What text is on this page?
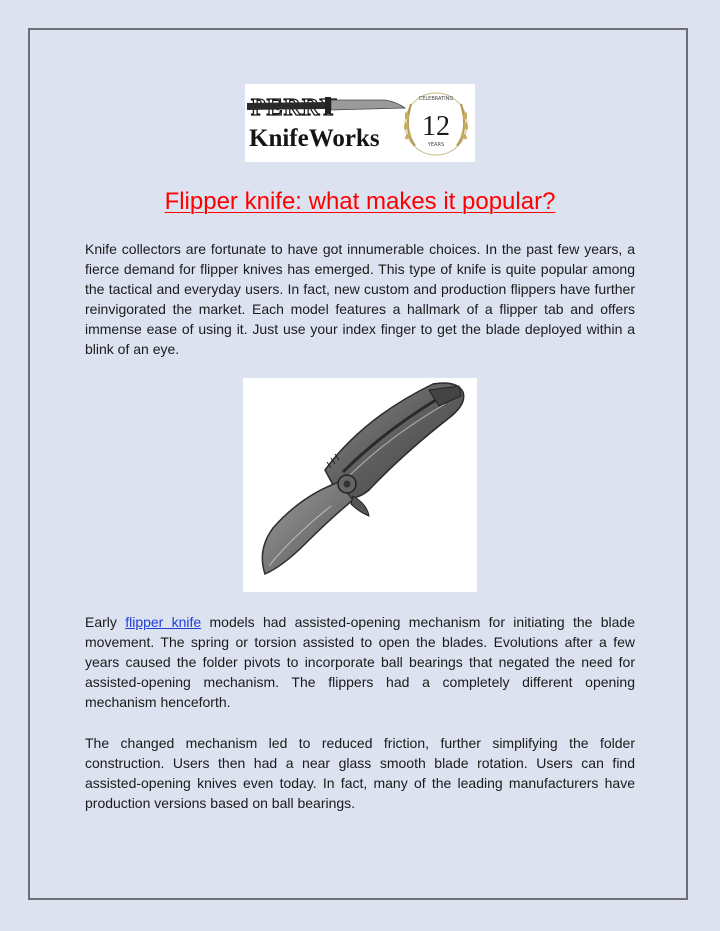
KnifeWorks
CELEBRATING
12
YEARS
Flipper knife: what makes it popular?

Knife collectors are fortunate to have got innumerable choices. In the past few years, a fierce demand for flipper knives has emerged. This type of knife is quite popular among the tactical and everyday users. In fact, new custom and production flippers have further reinvigorated the market. Each model features a hallmark of a flipper tab and offers immense ease of using it. Just use your index finger to get the blade deployed within a blink of an eye.

Early flipper knife models had assisted-opening mechanism for initiating the blade movement. The spring or torsion assisted to open the blades. Evolutions after a few years caused the folder pivots to incorporate ball bearings that negated the need for assisted-opening mechanism. The flippers had a completely different opening mechanism henceforth.

The changed mechanism led to reduced friction, further simplifying the folder construction. Users then had a near glass smooth blade rotation. Users can find assisted-opening knives even today. In fact, many of the leading manufacturers have production versions based on ball bearings.
